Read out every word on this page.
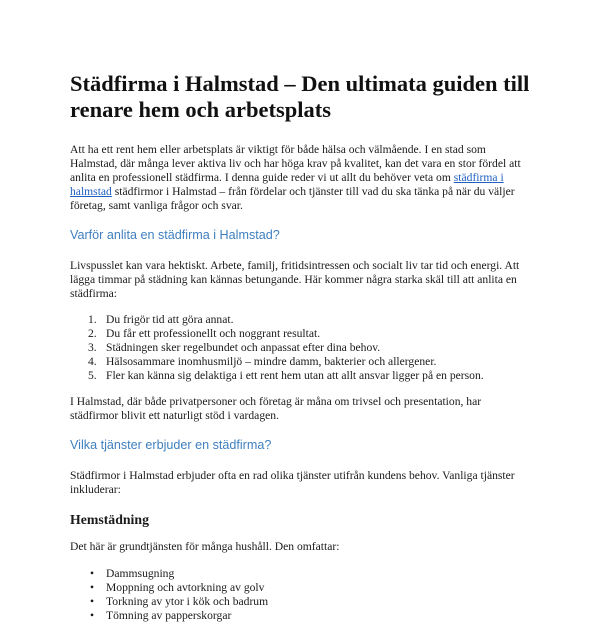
Städfirma i Halmstad – Den ultimata guiden till renare hem och arbetsplats

Att ha ett rent hem eller arbetsplats är viktigt för både hälsa och välmående. I en stad som Halmstad, där många lever aktiva liv och har höga krav på kvalitet, kan det vara en stor fördel att anlita en professionell städfirma. I denna guide reder vi ut allt du behöver veta om städfirma i halmstad städfirmor i Halmstad – från fördelar och tjänster till vad du ska tänka på när du väljer företag, samt vanliga frågor och svar.

Varför anlita en städfirma i Halmstad?

Livspusslet kan vara hektiskt. Arbete, familj, fritidsintressen och socialt liv tar tid och energi. Att lägga timmar på städning kan kännas betungande. Här kommer några starka skäl till att anlita en städfirma:

1. Du frigör tid att göra annat.
2. Du får ett professionellt och noggrant resultat.
3. Städningen sker regelbundet och anpassat efter dina behov.
4. Hälsosammare inomhusmiljö – mindre damm, bakterier och allergener.
5. Fler kan känna sig delaktiga i ett rent hem utan att allt ansvar ligger på en person.

I Halmstad, där både privatpersoner och företag är måna om trivsel och presentation, har städfirmor blivit ett naturligt stöd i vardagen.

Vilka tjänster erbjuder en städfirma?

Städfirmor i Halmstad erbjuder ofta en rad olika tjänster utifrån kundens behov. Vanliga tjänster inkluderar:

Hemstädning

Det här är grundtjänsten för många hushåll. Den omfattar:

• Dammsugning
• Moppning och avtorkning av golv
• Torkning av ytor i kök och badrum
• Tömning av papperskorgar
